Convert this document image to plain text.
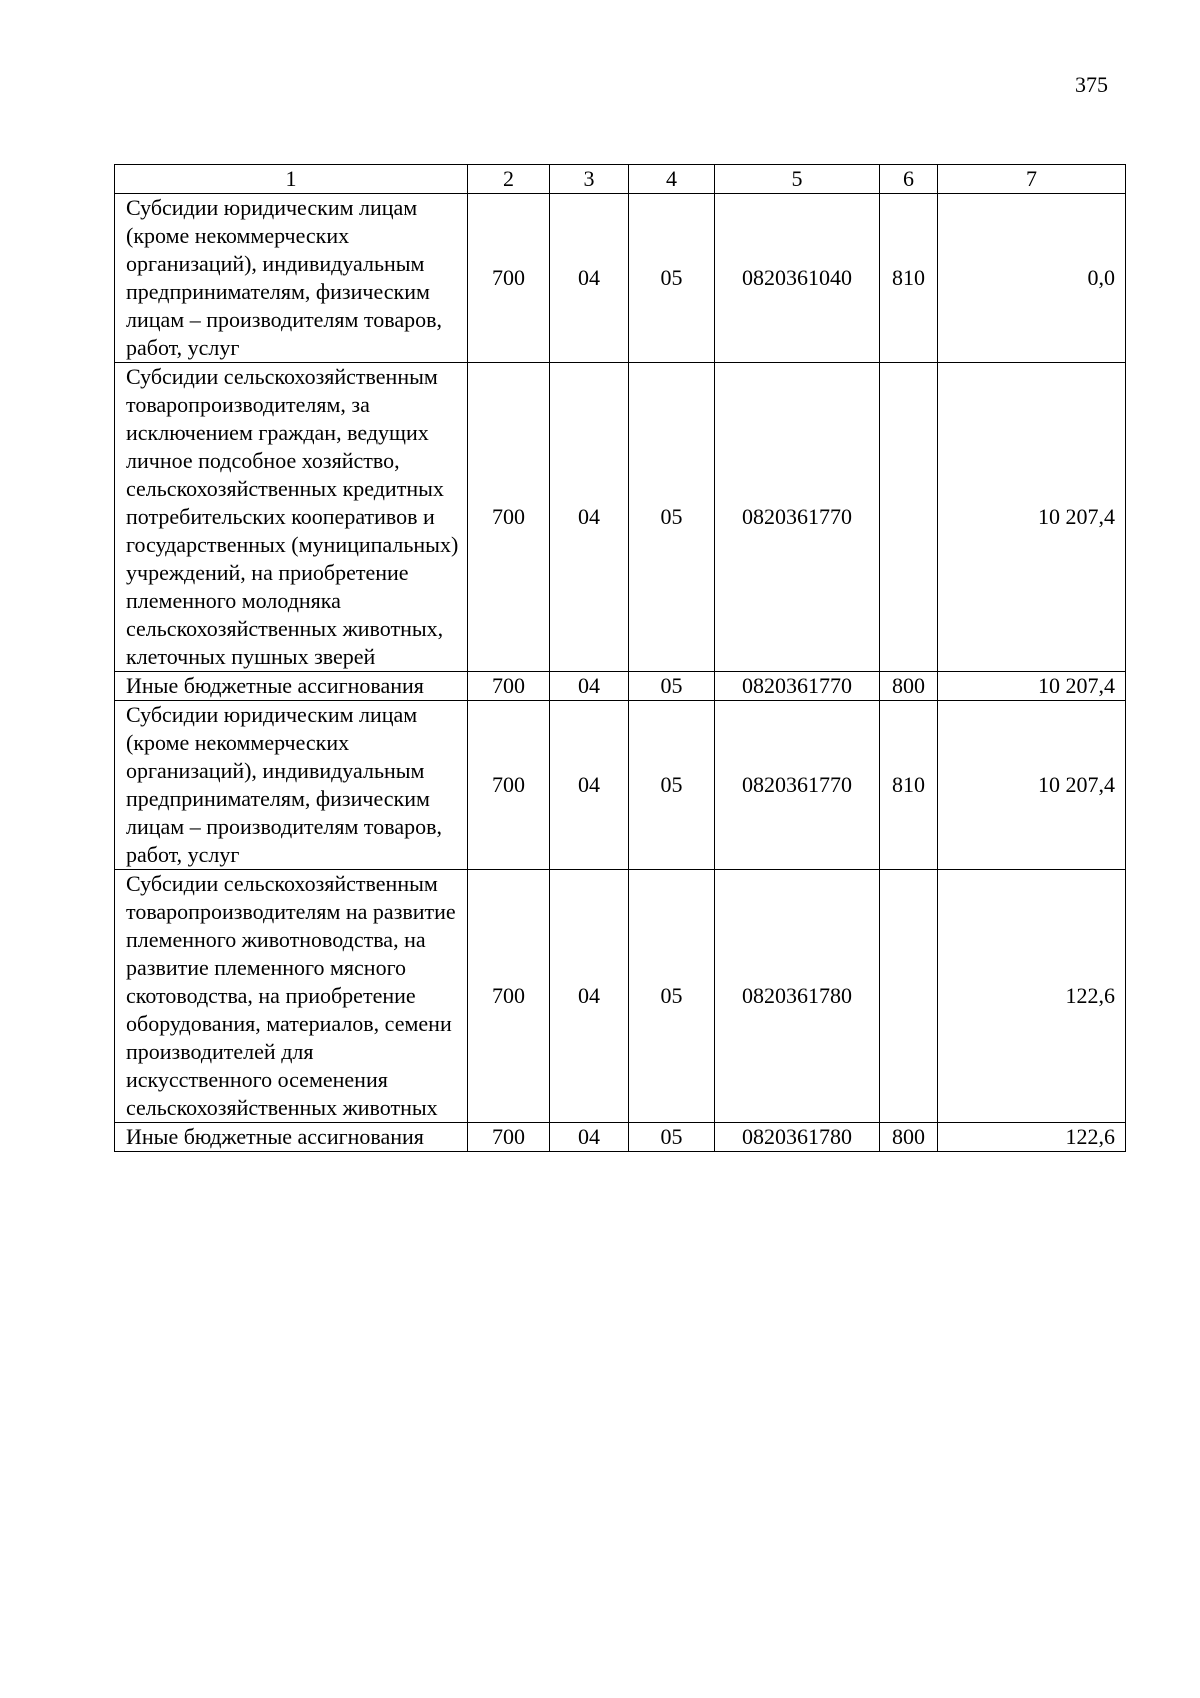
375
1	2	3	4	5	6	7
Субсидии юридическим лицам (кроме некоммерческих организаций), индивидуальным предпринимателям, физическим лицам – производителям товаров, работ, услуг	700	04	05	0820361040	810	0,0
Субсидии сельскохозяйственным товаропроизводителям, за исключением граждан, ведущих личное подсобное хозяйство, сельскохозяйственных кредитных потребительских кооперативов и государственных (муниципальных) учреждений, на приобретение племенного молодняка сельскохозяйственных животных, клеточных пушных зверей	700	04	05	0820361770		10 207,4
Иные бюджетные ассигнования	700	04	05	0820361770	800	10 207,4
Субсидии юридическим лицам (кроме некоммерческих организаций), индивидуальным предпринимателям, физическим лицам – производителям товаров, работ, услуг	700	04	05	0820361770	810	10 207,4
Субсидии сельскохозяйственным товаропроизводителям на развитие племенного животноводства, на развитие племенного мясного скотоводства, на приобретение оборудования, материалов, семени производителей для искусственного осеменения сельскохозяйственных животных	700	04	05	0820361780		122,6
Иные бюджетные ассигнования	700	04	05	0820361780	800	122,6
